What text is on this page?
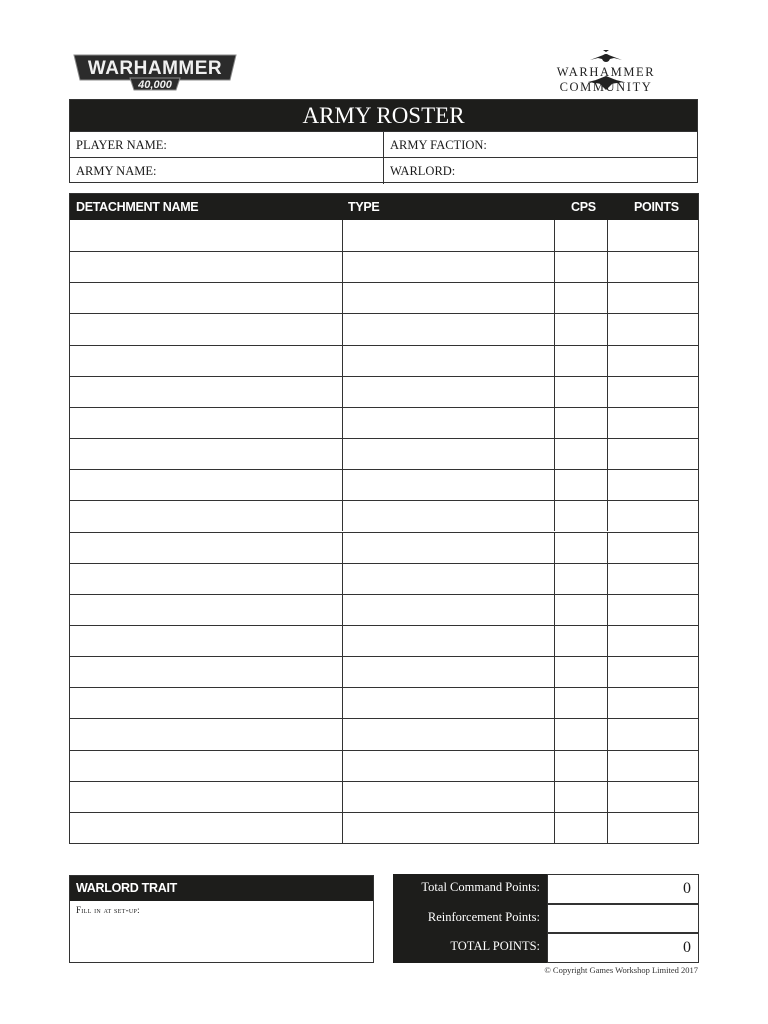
WARHAMMER
40,000
WARHAMMER COMMUNITY
ARMY ROSTER
PLAYER NAME:	ARMY FACTION:
ARMY NAME:	WARLORD:
DETACHMENT NAME	TYPE	CPS	POINTS
WARLORD TRAIT
Fill in at set-up:
Total Command Points:	0
Reinforcement Points:
TOTAL POINTS:	0
© Copyright Games Workshop Limited 2017
